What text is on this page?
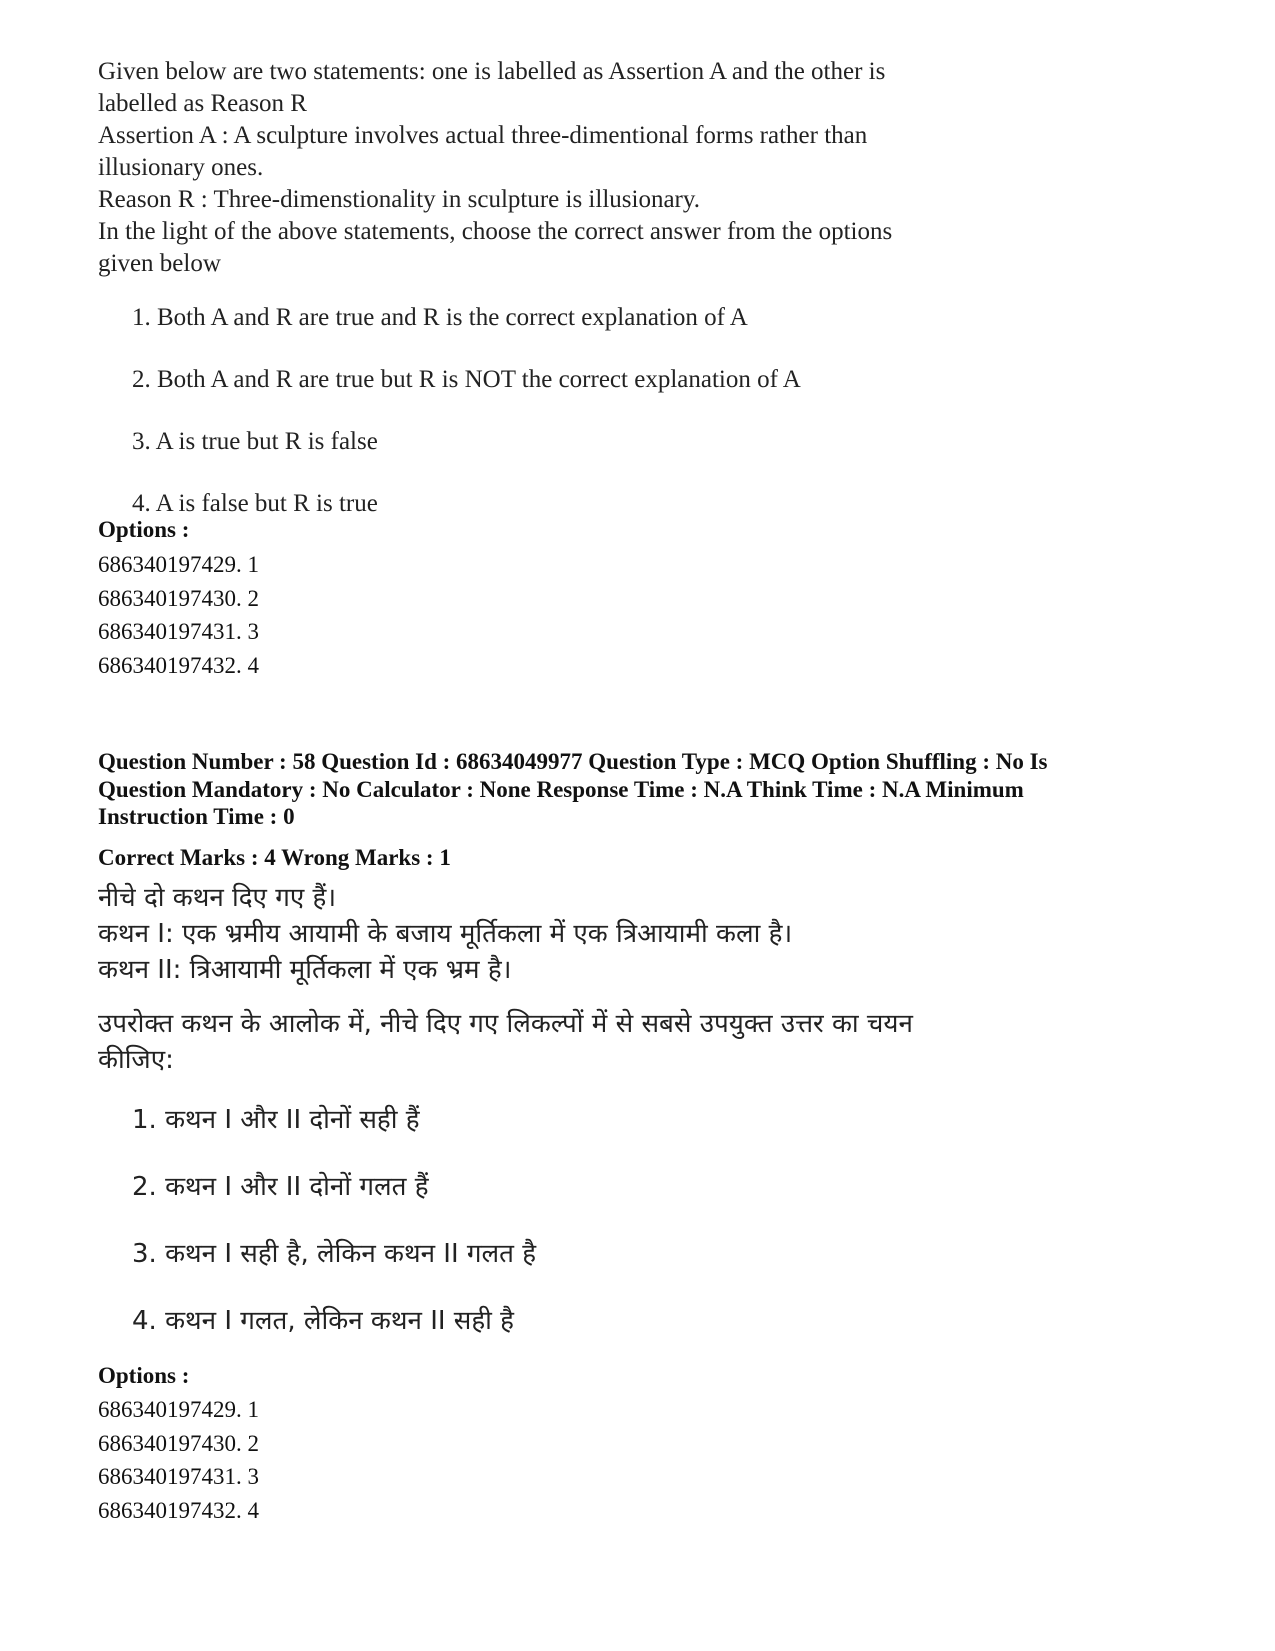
Given below are two statements: one is labelled as Assertion A and the other is
labelled as Reason R
Assertion A : A sculpture involves actual three-dimentional forms rather than
illusionary ones.
Reason R : Three-dimenstionality in sculpture is illusionary.
In the light of the above statements, choose the correct answer from the options
given below
1. Both A and R are true and R is the correct explanation of A
2. Both A and R are true but R is NOT the correct explanation of A
3. A is true but R is false
4. A is false but R is true
Options :
686340197429. 1
686340197430. 2
686340197431. 3
686340197432. 4
Question Number : 58 Question Id : 68634049977 Question Type : MCQ Option Shuffling : No Is
Question Mandatory : No Calculator : None Response Time : N.A Think Time : N.A Minimum
Instruction Time : 0
Correct Marks : 4 Wrong Marks : 1
नीचे दो कथन दिए गए हैं।
कथन I: एक भ्रमीय आयामी के बजाय मूर्तिकला में एक त्रिआयामी कला है।
कथन II: त्रिआयामी मूर्तिकला में एक भ्रम है।
उपरोक्त कथन के आलोक में, नीचे दिए गए लिकल्पों में से सबसे उपयुक्त उत्तर का चयन
कीजिए:
1. कथन I और II दोनों सही हैं
2. कथन I और II दोनों गलत हैं
3. कथन I सही है, लेकिन कथन II गलत है
4. कथन I गलत, लेकिन कथन II सही है
Options :
686340197429. 1
686340197430. 2
686340197431. 3
686340197432. 4
